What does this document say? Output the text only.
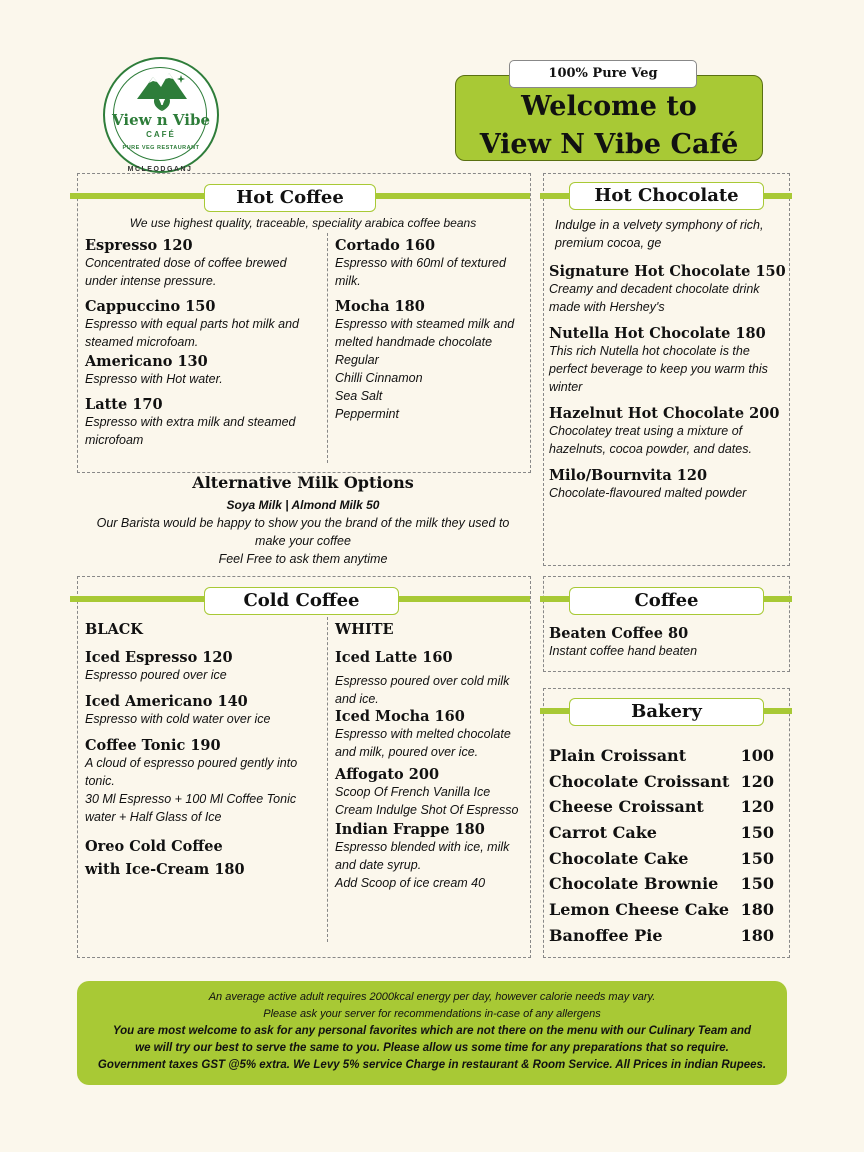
View n Vibe
CAFÉ
PURE VEG RESTAURANT
MCLEODGANJ
Welcome to
View N Vibe Café
100% Pure Veg
Hot Coffee
We use highest quality, traceable, speciality arabica coffee beans
Espresso 120
Concentrated dose of coffee brewed under intense pressure.
Cappuccino 150
Espresso with equal parts hot milk and steamed microfoam.
Americano 130
Espresso with Hot water.
Latte 170
Espresso with extra milk and steamed microfoam
Cortado 160
Espresso with 60ml of textured milk.
Mocha 180
Espresso with steamed milk and melted handmade chocolate
Regular
Chilli Cinnamon
Sea Salt
Peppermint
Alternative Milk Options
Soya Milk | Almond Milk 50
Our Barista would be happy to show you the brand of the milk they used to
make your coffee
Feel Free to ask them anytime
Hot Chocolate
Indulge in a velvety symphony of rich, premium cocoa, ge
Signature Hot Chocolate 150
Creamy and decadent chocolate drink made with Hershey's
Nutella Hot Chocolate 180
This rich Nutella hot chocolate is the perfect beverage to keep you warm this winter
Hazelnut Hot Chocolate 200
Chocolatey treat using a mixture of hazelnuts, cocoa powder, and dates.
Milo/Bournvita 120
Chocolate-flavoured malted powder
Cold Coffee
BLACK
Iced Espresso 120
Espresso poured over ice
Iced Americano 140
Espresso with cold water over ice
Coffee Tonic 190
A cloud of espresso poured gently into tonic.
30 Ml Espresso + 100 Ml Coffee Tonic water + Half Glass of Ice
Oreo Cold Coffee
with Ice-Cream 180
WHITE
Iced Latte 160
Espresso poured over cold milk and ice.
Iced Mocha 160
Espresso with melted chocolate and milk, poured over ice.
Affogato 200
Scoop Of French Vanilla Ice Cream Indulge Shot Of Espresso
Indian Frappe 180
Espresso blended with ice, milk and date syrup.
Add Scoop of ice cream 40
Coffee
Beaten Coffee 80
Instant coffee hand beaten
Bakery
Plain Croissant	100
Chocolate Croissant 120
Cheese Croissant 120
Carrot Cake	150
Chocolate Cake	150
Chocolate Brownie 150
Lemon Cheese Cake 180
Banoffee Pie	180
An average active adult requires 2000kcal energy per day, however calorie needs may vary.
Please ask your server for recommendations in-case of any allergens
You are most welcome to ask for any personal favorites which are not there on the menu with our Culinary Team and
we will try our best to serve the same to you. Please allow us some time for any preparations that so require.
Government taxes GST @5% extra. We Levy 5% service Charge in restaurant & Room Service. All Prices in indian Rupees.
